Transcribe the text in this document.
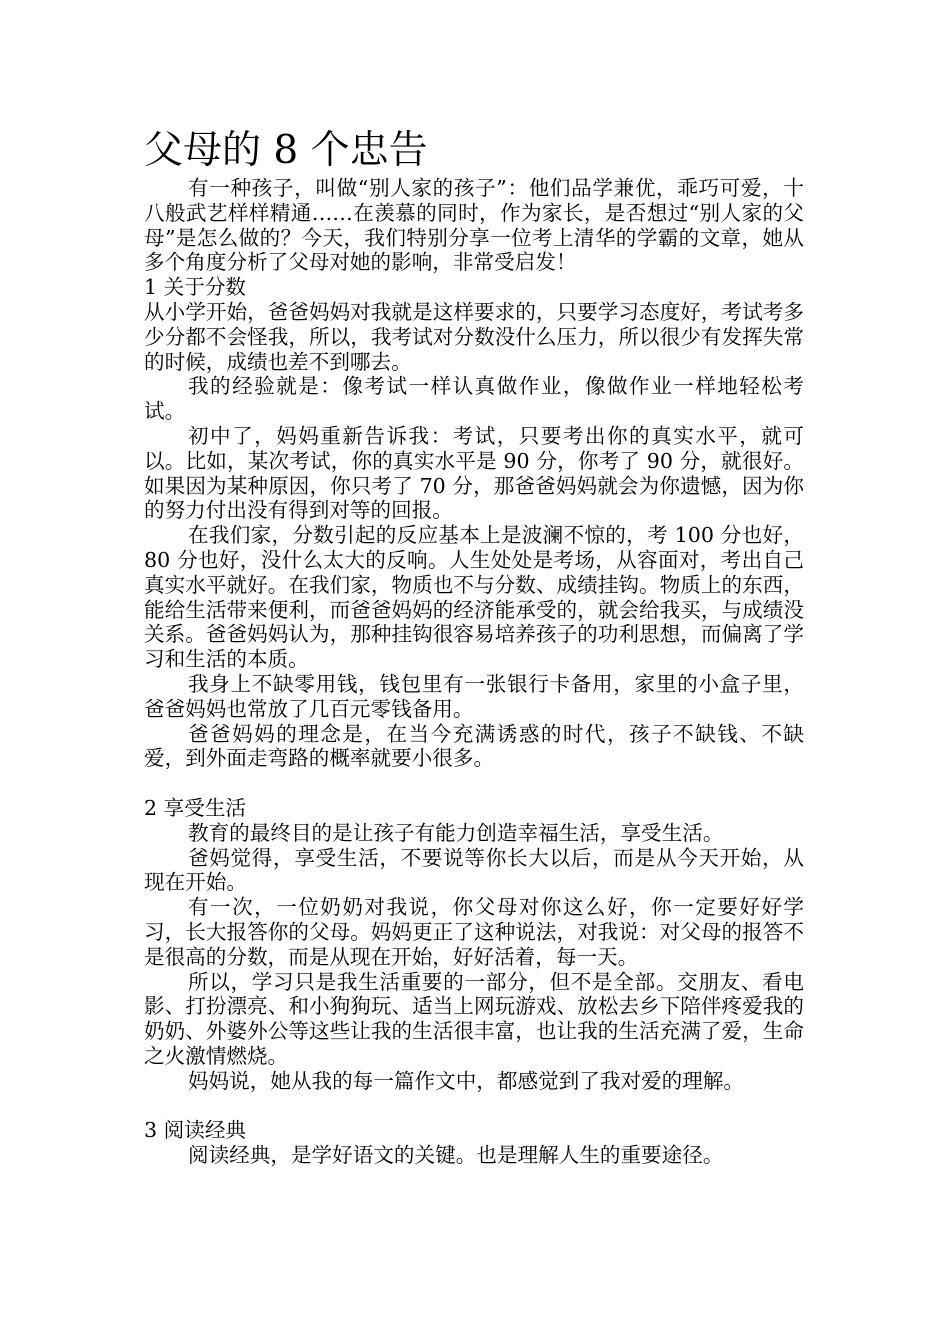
父母的 8 个忠告

有一种孩子，叫做“别人家的孩子”：他们品学兼优，乖巧可爱，十八般武艺样样精通……在羡慕的同时，作为家长，是否想过“别人家的父母”是怎么做的？今天，我们特别分享一位考上清华的学霸的文章，她从多个角度分析了父母对她的影响，非常受启发！

1 关于分数

从小学开始，爸爸妈妈对我就是这样要求的，只要学习态度好，考试考多少分都不会怪我，所以，我考试对分数没什么压力，所以很少有发挥失常的时候，成绩也差不到哪去。

我的经验就是：像考试一样认真做作业，像做作业一样地轻松考试。

初中了，妈妈重新告诉我：考试，只要考出你的真实水平，就可以。比如，某次考试，你的真实水平是 90 分，你考了 90 分，就很好。如果因为某种原因，你只考了 70 分，那爸爸妈妈就会为你遗憾，因为你的努力付出没有得到对等的回报。

在我们家，分数引起的反应基本上是波澜不惊的，考 100 分也好，80 分也好，没什么太大的反响。人生处处是考场，从容面对，考出自己真实水平就好。在我们家，物质也不与分数、成绩挂钩。物质上的东西，能给生活带来便利，而爸爸妈妈的经济能承受的，就会给我买，与成绩没关系。爸爸妈妈认为，那种挂钩很容易培养孩子的功利思想，而偏离了学习和生活的本质。

我身上不缺零用钱，钱包里有一张银行卡备用，家里的小盒子里，爸爸妈妈也常放了几百元零钱备用。

爸爸妈妈的理念是，在当今充满诱惑的时代，孩子不缺钱、不缺爱，到外面走弯路的概率就要小很多。

2 享受生活

教育的最终目的是让孩子有能力创造幸福生活，享受生活。

爸妈觉得，享受生活，不要说等你长大以后，而是从今天开始，从现在开始。

有一次，一位奶奶对我说，你父母对你这么好，你一定要好好学习，长大报答你的父母。妈妈更正了这种说法，对我说：对父母的报答不是很高的分数，而是从现在开始，好好活着，每一天。

所以，学习只是我生活重要的一部分，但不是全部。交朋友、看电影、打扮漂亮、和小狗狗玩、适当上网玩游戏、放松去乡下陪伴疼爱我的奶奶、外婆外公等这些让我的生活很丰富，也让我的生活充满了爱，生命之火激情燃烧。

妈妈说，她从我的每一篇作文中，都感觉到了我对爱的理解。

3 阅读经典

阅读经典，是学好语文的关键。也是理解人生的重要途径。
